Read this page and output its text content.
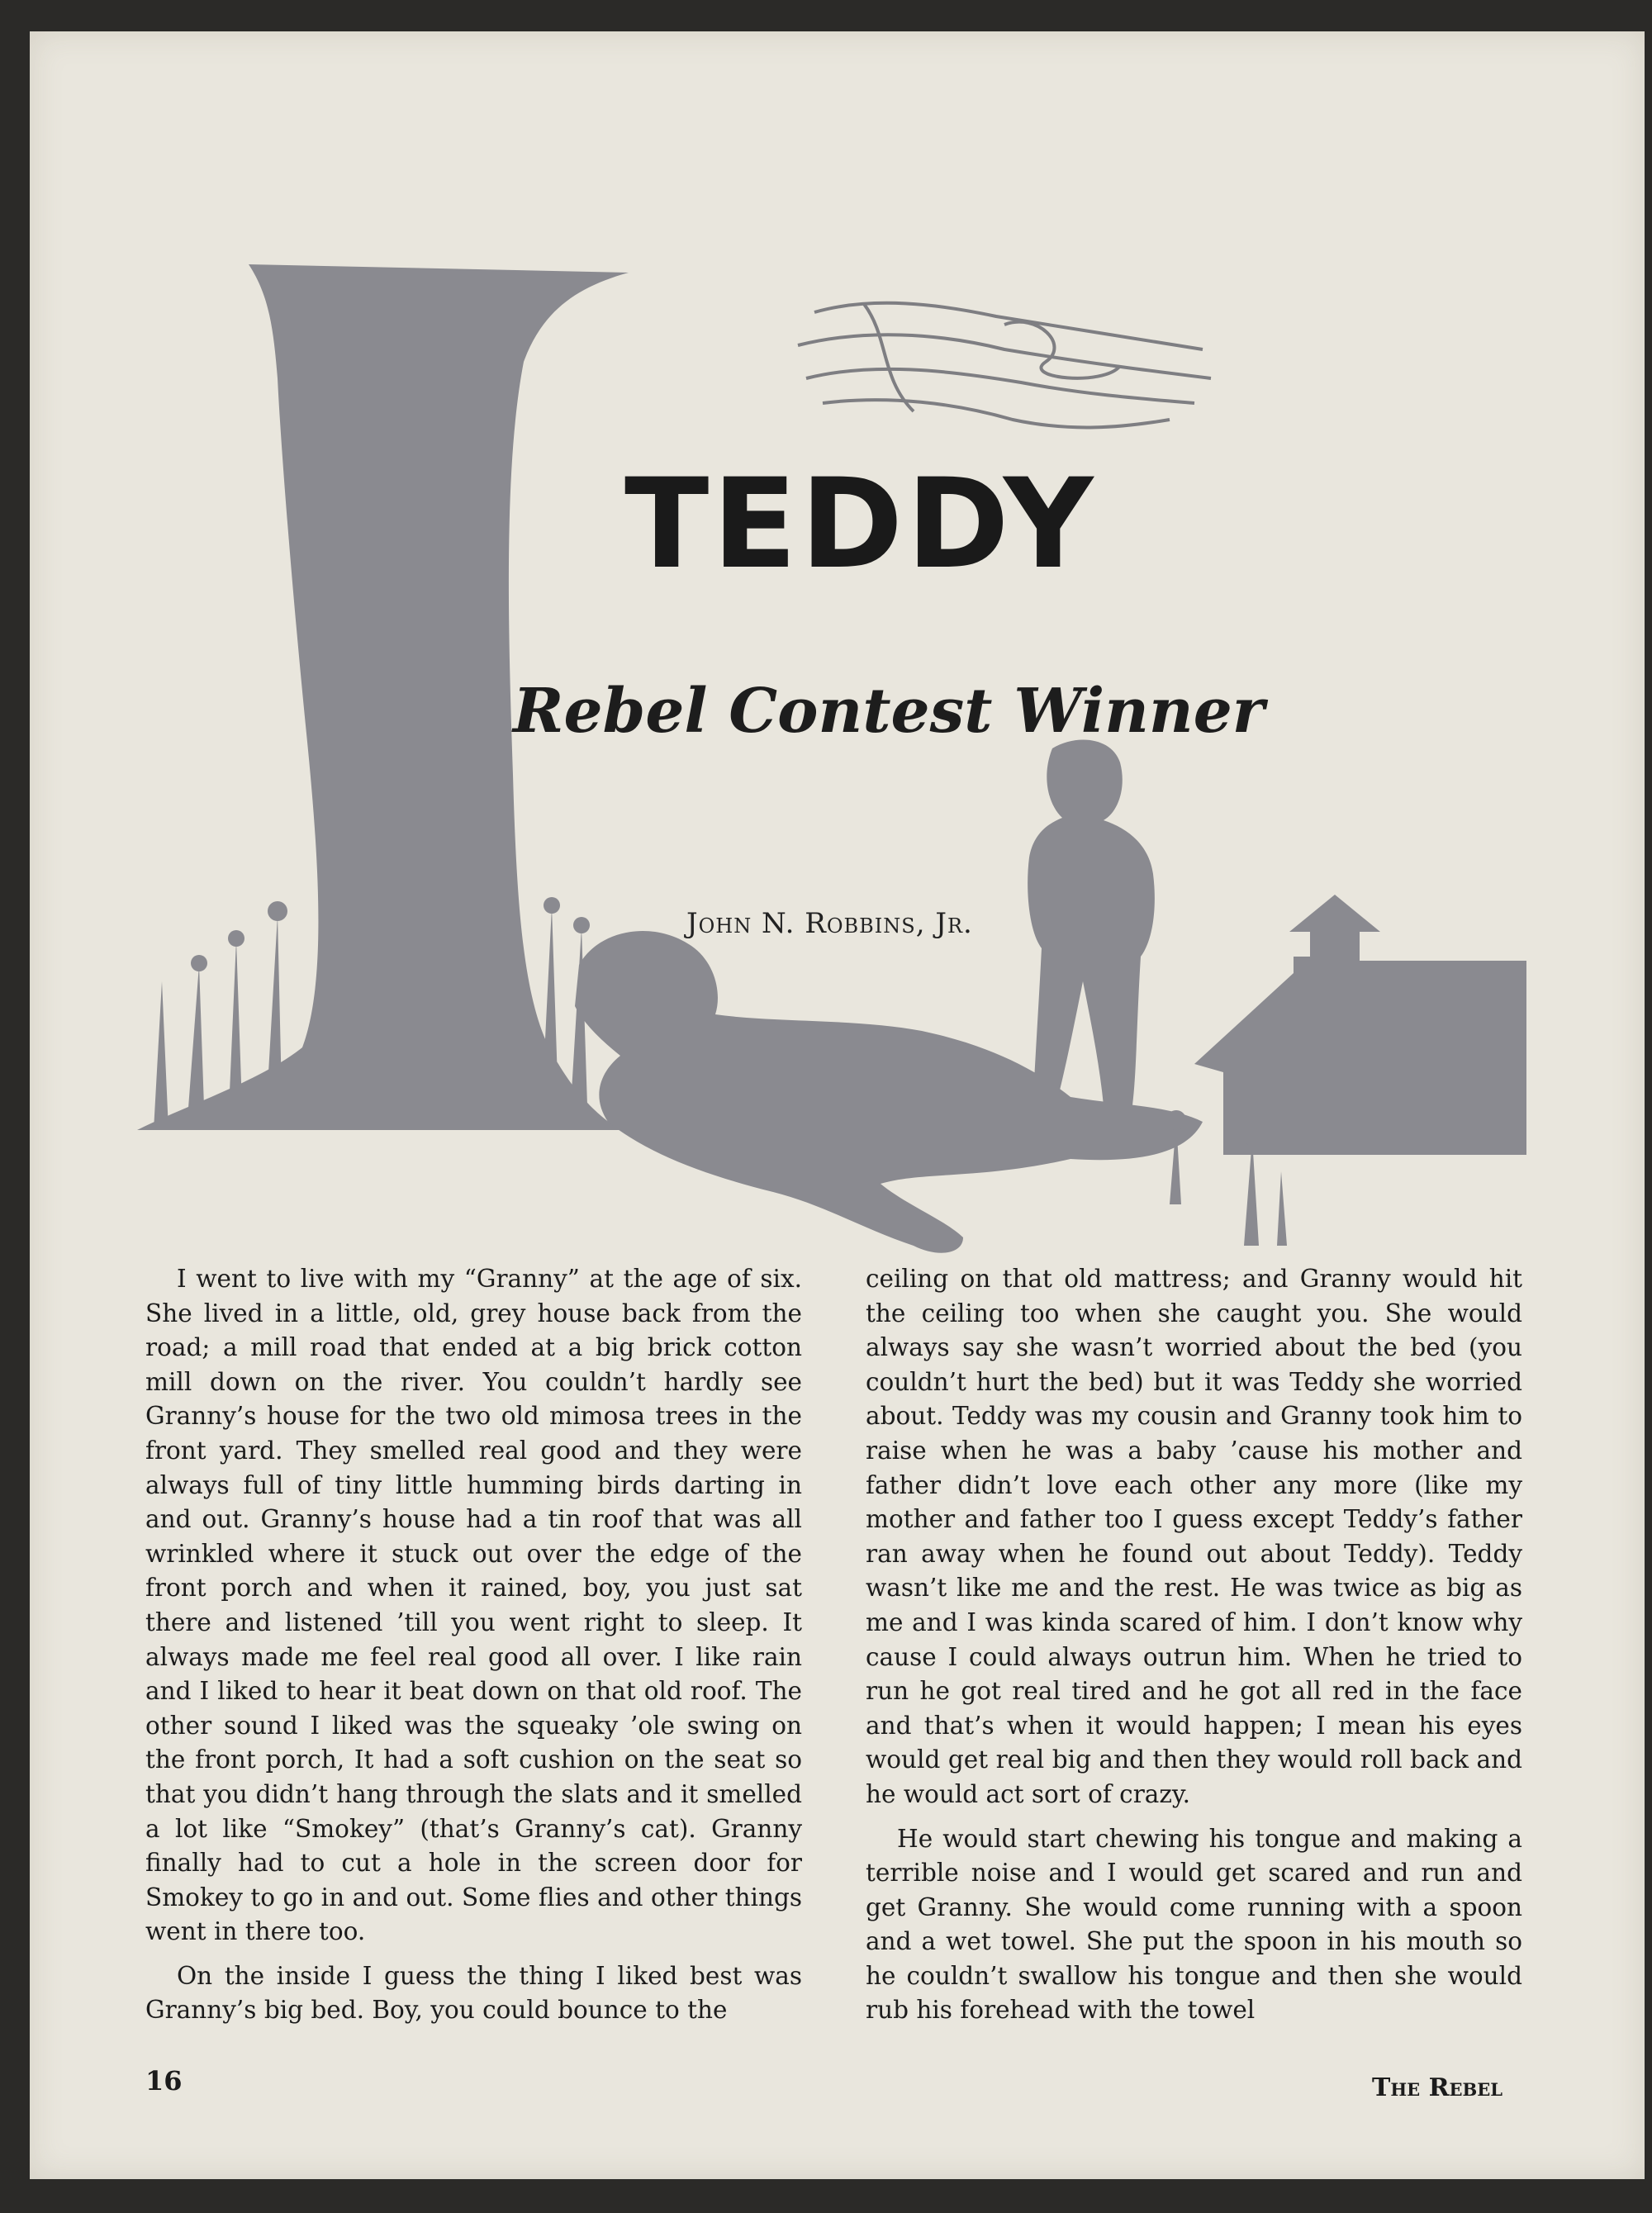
TEDDY
Rebel Contest Winner

John N. Robbins, Jr.

I went to live with my “Granny” at the age of six. She lived in a little, old, grey house back from the road; a mill road that ended at a big brick cotton mill down on the river. You couldn’t hardly see Granny’s house for the two old mimosa trees in the front yard. They smelled real good and they were always full of tiny little humming birds darting in and out. Granny’s house had a tin roof that was all wrinkled where it stuck out over the edge of the front porch and when it rained, boy, you just sat there and listened ’till you went right to sleep. It always made me feel real good all over. I like rain and I liked to hear it beat down on that old roof. The other sound I liked was the squeaky ’ole swing on the front porch, It had a soft cushion on the seat so that you didn’t hang through the slats and it smelled a lot like “Smokey” (that’s Granny’s cat). Granny finally had to cut a hole in the screen door for Smokey to go in and out. Some flies and other things went in there too.

On the inside I guess the thing I liked best was Granny’s big bed. Boy, you could bounce to the

ceiling on that old mattress; and Granny would hit the ceiling too when she caught you. She would always say she wasn’t worried about the bed (you couldn’t hurt the bed) but it was Teddy she worried about. Teddy was my cousin and Granny took him to raise when he was a baby ’cause his mother and father didn’t love each other any more (like my mother and father too I guess except Teddy’s father ran away when he found out about Teddy). Teddy wasn’t like me and the rest. He was twice as big as me and I was kinda scared of him. I don’t know why cause I could always outrun him. When he tried to run he got real tired and he got all red in the face and that’s when it would happen; I mean his eyes would get real big and then they would roll back and he would act sort of crazy.

He would start chewing his tongue and making a terrible noise and I would get scared and run and get Granny. She would come running with a spoon and a wet towel. She put the spoon in his mouth so he couldn’t swallow his tongue and then she would rub his forehead with the towel

16	The Rebel
